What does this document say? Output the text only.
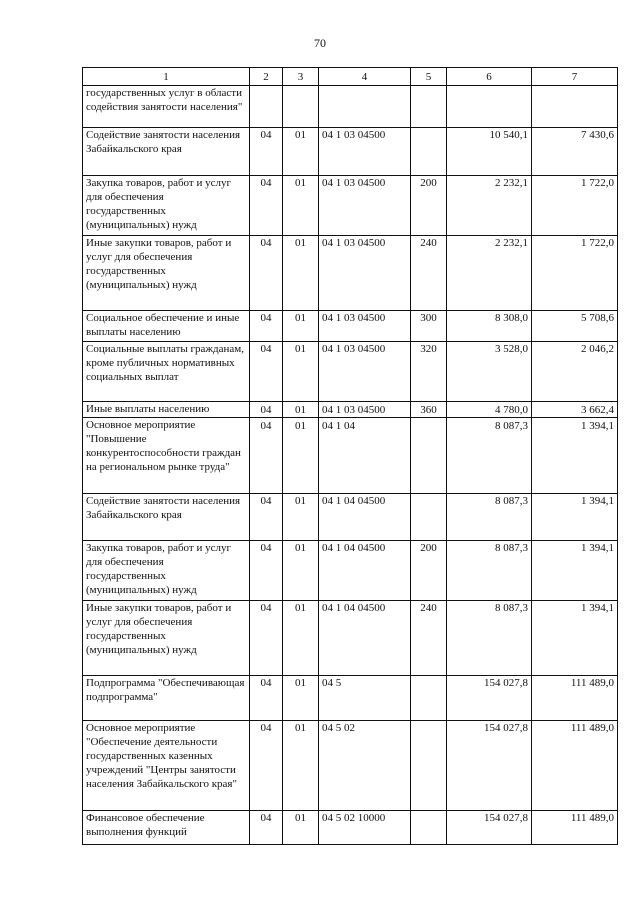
70
1	2	3	4	5	6	7
государственных услуг в области содействия занятости населения"						
Содействие занятости населения Забайкальского края	04	01	04 1 03 04500		10 540,1	7 430,6
Закупка товаров, работ и услуг для обеспечения государственных (муниципальных) нужд	04	01	04 1 03 04500	200	2 232,1	1 722,0
Иные закупки товаров, работ и услуг для обеспечения государственных (муниципальных) нужд	04	01	04 1 03 04500	240	2 232,1	1 722,0
Социальное обеспечение и иные выплаты населению	04	01	04 1 03 04500	300	8 308,0	5 708,6
Социальные выплаты гражданам, кроме публичных нормативных социальных выплат	04	01	04 1 03 04500	320	3 528,0	2 046,2
Иные выплаты населению	04	01	04 1 03 04500	360	4 780,0	3 662,4
Основное мероприятие "Повышение конкурентоспособности граждан на региональном рынке труда"	04	01	04 1 04		8 087,3	1 394,1
Содействие занятости населения Забайкальского края	04	01	04 1 04 04500		8 087,3	1 394,1
Закупка товаров, работ и услуг для обеспечения государственных (муниципальных) нужд	04	01	04 1 04 04500	200	8 087,3	1 394,1
Иные закупки товаров, работ и услуг для обеспечения государственных (муниципальных) нужд	04	01	04 1 04 04500	240	8 087,3	1 394,1
Подпрограмма "Обеспечивающая подпрограмма"	04	01	04 5		154 027,8	111 489,0
Основное мероприятие "Обеспечение деятельности государственных казенных учреждений "Центры занятости населения Забайкальского края"	04	01	04 5 02		154 027,8	111 489,0
Финансовое обеспечение выполнения функций	04	01	04 5 02 10000		154 027,8	111 489,0
